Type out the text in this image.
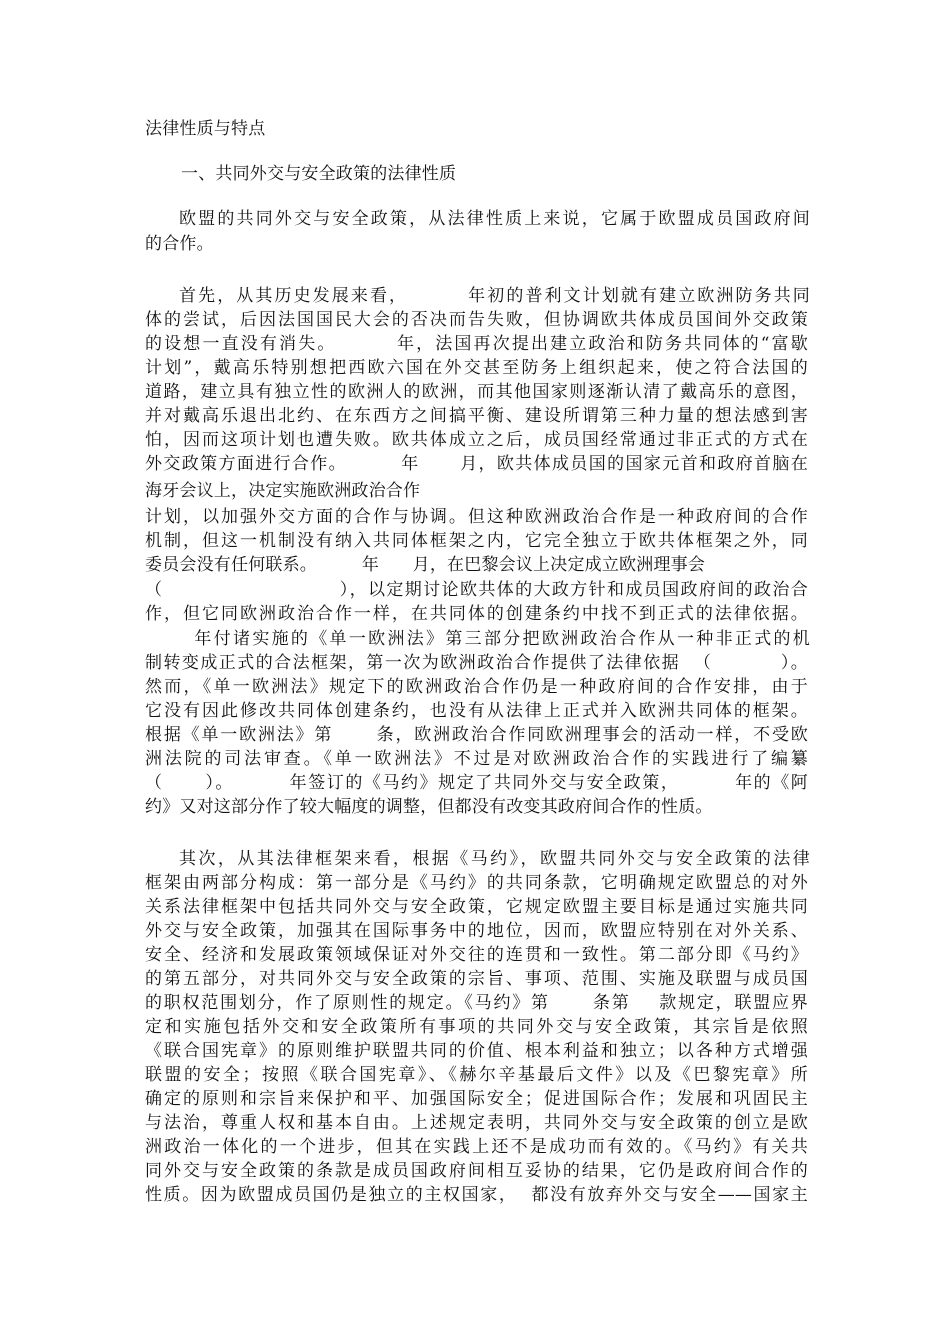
法律性质与特点
一、共同外交与安全政策的法律性质
欧盟的共同外交与安全政策，从法律性质上来说，它属于欧盟成员国政府间
的合作。
首先，从其历史发展来看，        年初的普利文计划就有建立欧洲防务共同
体的尝试，后因法国国民大会的否决而告失败，但协调欧共体成员国间外交政策
的设想一直没有消失。        年，法国再次提出建立政治和防务共同体的“富歇
计划”，戴高乐特别想把西欧六国在外交甚至防务上组织起来，使之符合法国的
道路，建立具有独立性的欧洲人的欧洲，而其他国家则逐渐认清了戴高乐的意图，
并对戴高乐退出北约、在东西方之间搞平衡、建设所谓第三种力量的想法感到害
怕，因而这项计划也遭失败。欧共体成立之后，成员国经常通过非正式的方式在
外交政策方面进行合作。        年      月，欧共体成员国的国家元首和政府首脑在
海牙会议上，决定实施欧洲政治合作
计划，以加强外交方面的合作与协调。但这种欧洲政治合作是一种政府间的合作
机制，但这一机制没有纳入共同体框架之内，它完全独立于欧共体框架之外，同
委员会没有任何联系。        年      月，在巴黎会议上决定成立欧洲理事会
（                          ），以定期讨论欧共体的大政方针和成员国政府间的政治合
作，但它同欧洲政治合作一样，在共同体的创建条约中找不到正式的法律依据。
年付诸实施的《单一欧洲法》第三部分把欧洲政治合作从一种非正式的机
制转变成正式的合法框架，第一次为欧洲政治合作提供了法律依据  （          ）。
然而，《单一欧洲法》规定下的欧洲政治合作仍是一种政府间的合作安排，由于
它没有因此修改共同体创建条约，也没有从法律上正式并入欧洲共同体的框架。
根据《单一欧洲法》第      条，欧洲政治合作同欧洲理事会的活动一样，不受欧
洲法院的司法审查。《单一欧洲法》不过是对欧洲政治合作的实践进行了编纂
（      ）。        年签订的《马约》规定了共同外交与安全政策，        年的《阿
约》又对这部分作了较大幅度的调整，但都没有改变其政府间合作的性质。
其次，从其法律框架来看，根据《马约》，欧盟共同外交与安全政策的法律
框架由两部分构成：第一部分是《马约》的共同条款，它明确规定欧盟总的对外
关系法律框架中包括共同外交与安全政策，它规定欧盟主要目标是通过实施共同
外交与安全政策，加强其在国际事务中的地位，因而，欧盟应特别在对外关系、
安全、经济和发展政策领域保证对外交往的连贯和一致性。第二部分即《马约》
的第五部分，对共同外交与安全政策的宗旨、事项、范围、实施及联盟与成员国
的职权范围划分，作了原则性的规定。《马约》第      条第    款规定，联盟应界
定和实施包括外交和安全政策所有事项的共同外交与安全政策，其宗旨是依照
《联合国宪章》的原则维护联盟共同的价值、根本利益和独立；以各种方式增强
联盟的安全；按照《联合国宪章》、《赫尔辛基最后文件》以及《巴黎宪章》所
确定的原则和宗旨来保护和平、加强国际安全；促进国际合作；发展和巩固民主
与法治，尊重人权和基本自由。上述规定表明，共同外交与安全政策的创立是欧
洲政治一体化的一个进步，但其在实践上还不是成功而有效的。《马约》有关共
同外交与安全政策的条款是成员国政府间相互妥协的结果，它仍是政府间合作的
性质。因为欧盟成员国仍是独立的主权国家，  都没有放弃外交与安全——国家主
